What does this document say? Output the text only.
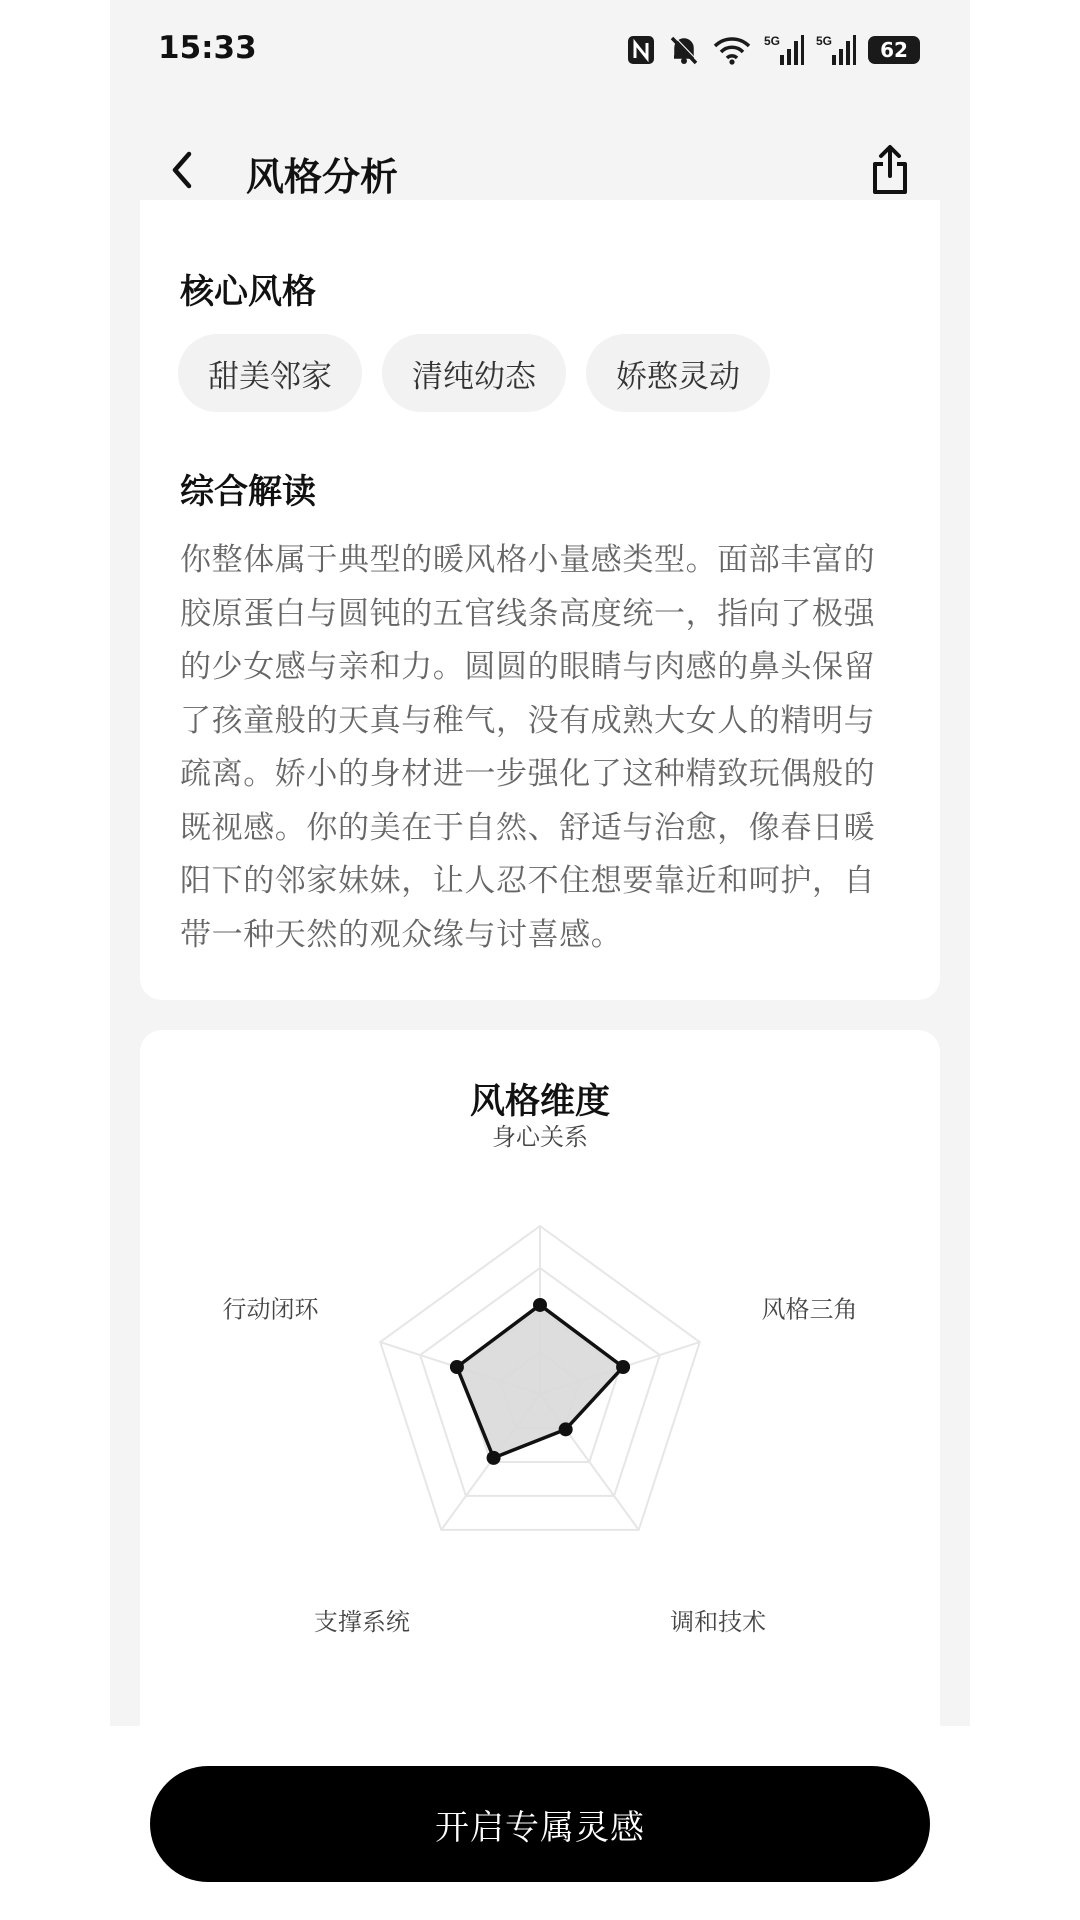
15:33	5G	5G	62
风格分析
核心风格
甜美邻家	清纯幼态	娇憨灵动
综合解读
你整体属于典型的暖风格小量感类型。面部丰富的胶原蛋白与圆钝的五官线条高度统一，指向了极强的少女感与亲和力。圆圆的眼睛与肉感的鼻头保留了孩童般的天真与稚气，没有成熟大女人的精明与疏离。娇小的身材进一步强化了这种精致玩偶般的既视感。你的美在于自然、舒适与治愈，像春日暖阳下的邻家妹妹，让人忍不住想要靠近和呵护，自带一种天然的观众缘与讨喜感。
风格维度
身心关系
风格三角
调和技术
支撑系统
行动闭环
开启专属灵感
